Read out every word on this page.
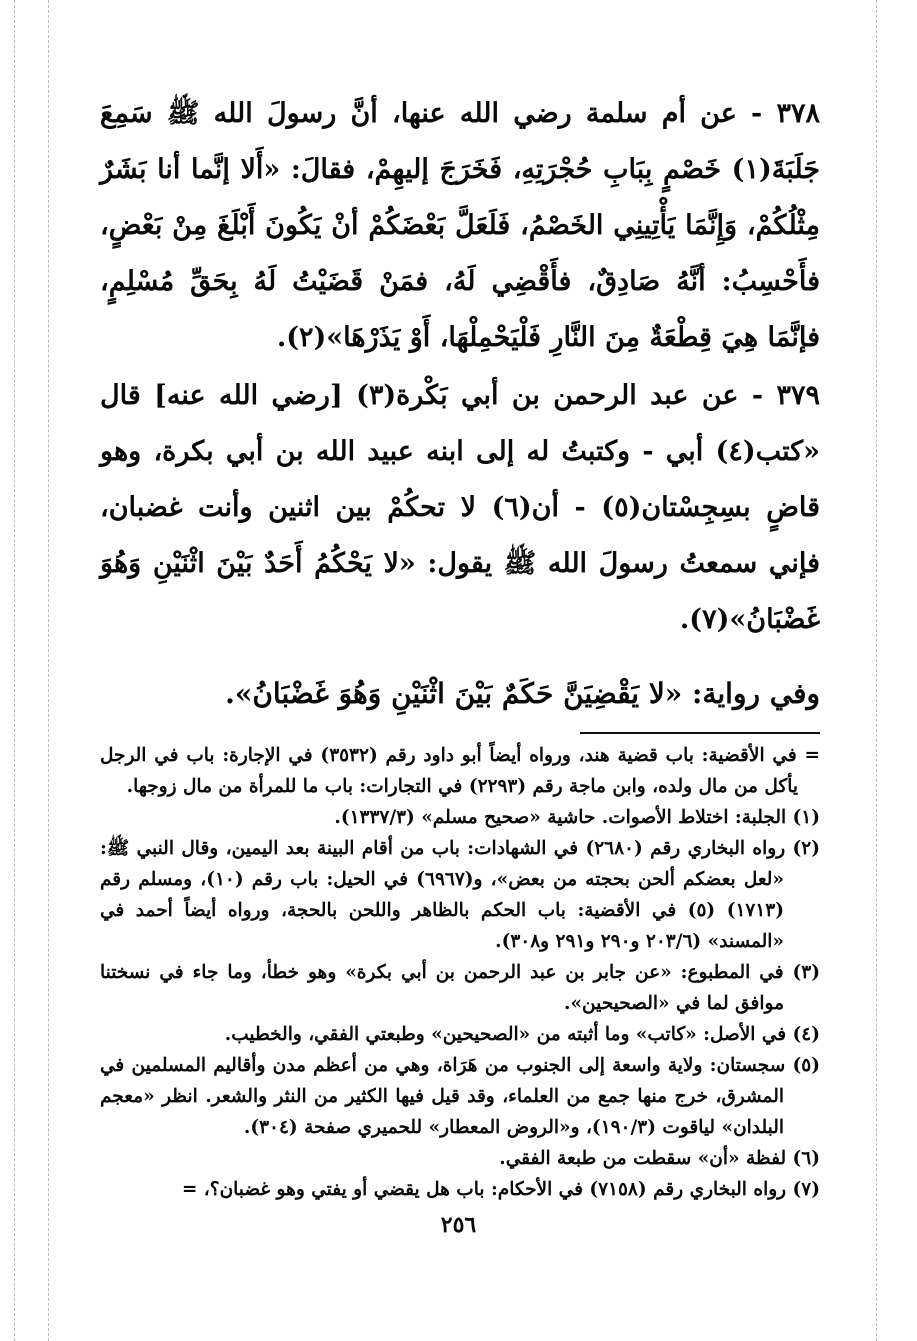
٣٧٨ - عن أم سلمة رضي الله عنها، أنَّ رسولَ الله ﷺ سَمِعَ جَلَبَةَ(١) خَصْمٍ بِبَابِ حُجْرَتِهِ، فَخَرَجَ إليهِمْ، فقالَ: «أَلا إنَّما أنا بَشَرٌ مِثْلُكُمْ، وَإِنَّمَا يَأْتِينِي الخَصْمُ، فَلَعَلَّ بَعْضَكُمْ أنْ يَكُونَ أَبْلَغَ مِنْ بَعْضٍ، فأَحْسِبُ: أنَّهُ صَادِقٌ، فأَقْضِي لَهُ، فمَنْ قَضَيْتُ لَهُ بِحَقِّ مُسْلِمٍ، فإنَّمَا هِيَ قِطْعَةٌ مِنَ النَّارِ فَلْيَحْمِلْهَا، أَوْ يَذَرْهَا»(٢).

٣٧٩ - عن عبد الرحمن بن أبي بَكْرة(٣) [رضي الله عنه] قال «كتب(٤) أبي - وكتبتُ له إلى ابنه عبيد الله بن أبي بكرة، وهو قاضٍ بسِجِسْتان(٥) - أن(٦) لا تحكُمْ بين اثنين وأنت غضبان، فإني سمعتُ رسولَ الله ﷺ يقول: «لا يَحْكُمُ أَحَدٌ بَيْنَ اثْنَيْنِ وَهُوَ غَضْبَانُ»(٧).

وفي رواية: «لا يَقْضِيَنَّ حَكَمٌ بَيْنَ اثْنَيْنِ وَهُوَ غَضْبَانُ».

= في الأقضية: باب قضية هند، ورواه أيضاً أبو داود رقم (٣٥٣٢) في الإجارة: باب في الرجل يأكل من مال ولده، وابن ماجة رقم (٢٢٩٣) في التجارات: باب ما للمرأة من مال زوجها.

(١) الجلبة: اختلاط الأصوات. حاشية «صحيح مسلم» (١٣٣٧/٣).

(٢) رواه البخاري رقم (٢٦٨٠) في الشهادات: باب من أقام البينة بعد اليمين، وقال النبي ﷺ: «لعل بعضكم ألحن بحجته من بعض»، و(٦٩٦٧) في الحيل: باب رقم (١٠)، ومسلم رقم (١٧١٣) (٥) في الأقضية: باب الحكم بالظاهر واللحن بالحجة، ورواه أيضاً أحمد في «المسند» (٢٠٣/٦ و٢٩٠ و٢٩١ و٣٠٨).

(٣) في المطبوع: «عن جابر بن عبد الرحمن بن أبي بكرة» وهو خطأ، وما جاء في نسختنا موافق لما في «الصحيحين».

(٤) في الأصل: «كاتب» وما أثبته من «الصحيحين» وطبعتي الفقي، والخطيب.

(٥) سجستان: ولاية واسعة إلى الجنوب من هَرَاة، وهي من أعظم مدن وأقاليم المسلمين في المشرق، خرج منها جمع من العلماء، وقد قيل فيها الكثير من النثر والشعر. انظر «معجم البلدان» لياقوت (١٩٠/٣)، و«الروض المعطار» للحميري صفحة (٣٠٤).

(٦) لفظة «أن» سقطت من طبعة الفقي.

(٧) رواه البخاري رقم (٧١٥٨) في الأحكام: باب هل يقضي أو يفتي وهو غضبان؟، =

٢٥٦
